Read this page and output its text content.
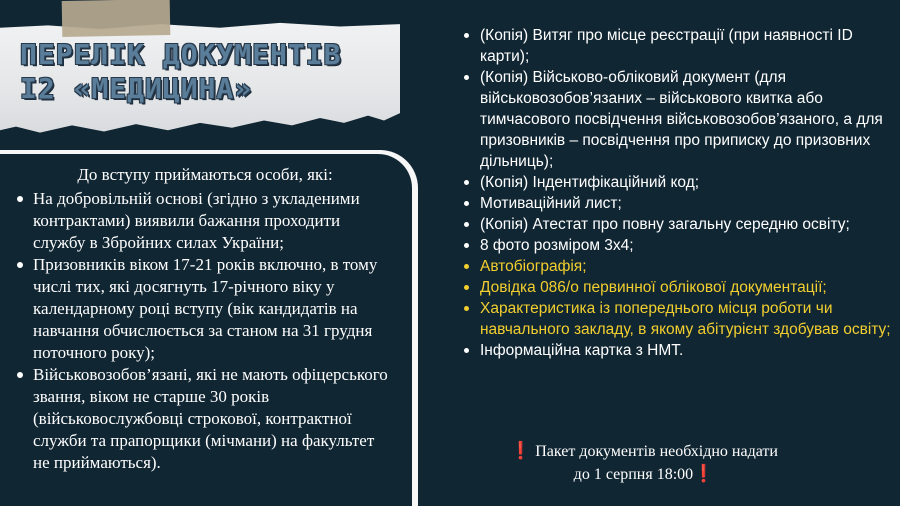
ПЕРЕЛІК ДОКУМЕНТІВ
І2 «МЕДИЦИНА»

До вступу приймаються особи, які:

На добровільній основі (згідно з укладеними контрактами) виявили бажання проходити службу в Збройних силах України;
Призовників віком 17-21 років включно, в тому числі тих, які досягнуть 17-річного віку у календарному році вступу (вік кандидатів на навчання обчислюється за станом на 31 грудня поточного року);
Військовозобов’язані, які не мають офіцерського звання, віком не старше 30 років (військовослужбовці строкової, контрактної служби та прапорщики (мічмани) на факультет не приймаються).
(Копія) Витяг про місце реєстрації (при наявності ID карти);
(Копія) Військово-обліковий документ (для військовозобов’язаних – військового квитка або тимчасового посвідчення військовозобов’язаного, а для призовників – посвідчення про приписку до призовних дільниць);
(Копія) Індентифікаційний код;
Мотиваційний лист;
(Копія) Атестат про повну загальну середню освіту;
8 фото розміром 3х4;
Автобіографія;
Довідка 086/о первинної облікової документації;
Характеристика із попереднього місця роботи чи навчального закладу, в якому абітурієнт здобував освіту;
Інформаційна картка з НМТ.
❗ Пакет документів необхідно надати
до 1 серпня 18:00❗
